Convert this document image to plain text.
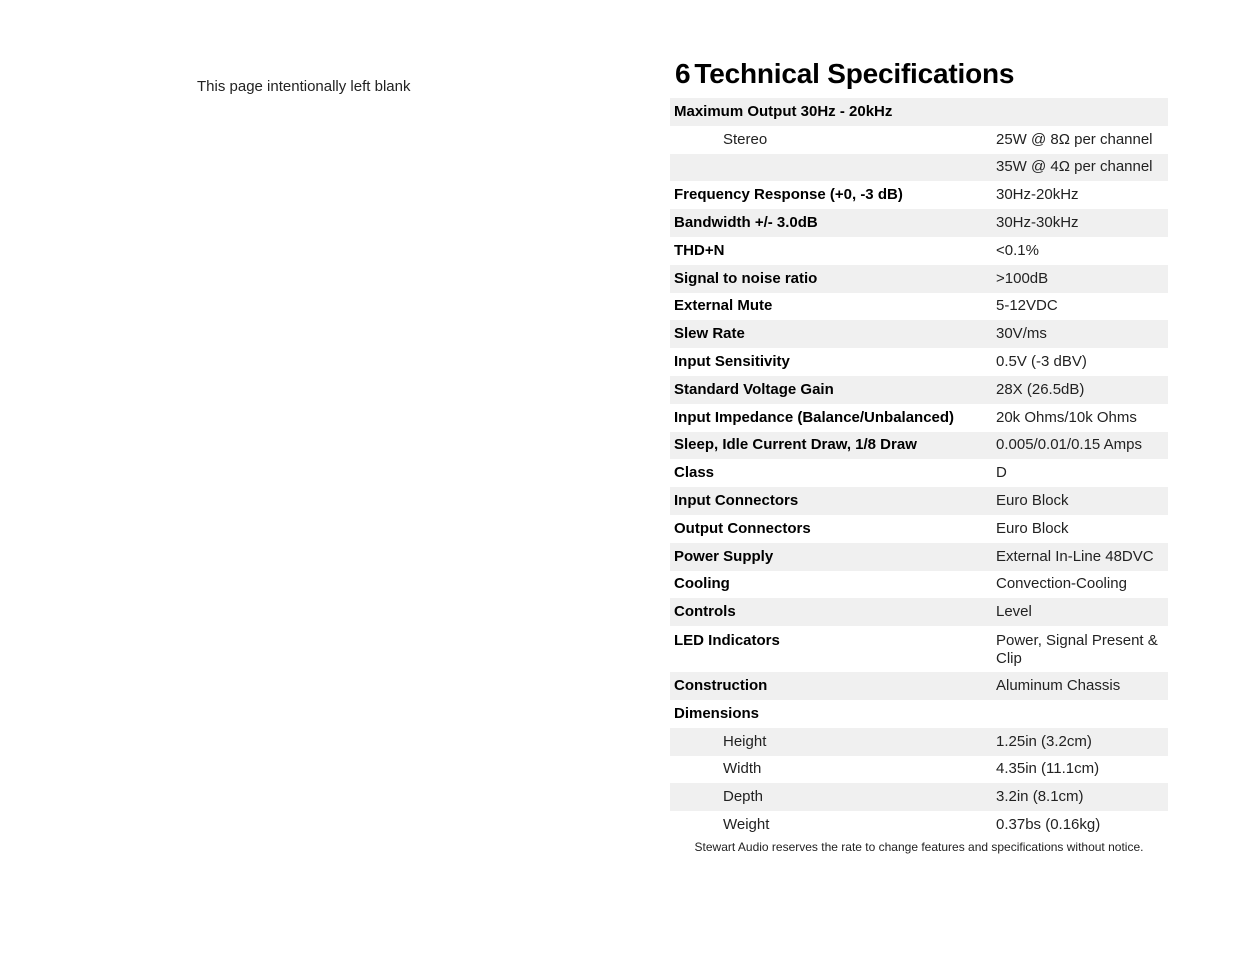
This page intentionally left blank	6 Technical Specifications
Maximum Output 30Hz - 20kHz	
Stereo	25W @ 8Ω per channel
	35W @ 4Ω per channel
Frequency Response (+0, -3 dB)	30Hz-20kHz
Bandwidth +/- 3.0dB	30Hz-30kHz
THD+N	<0.1%
Signal to noise ratio	>100dB
External Mute	5-12VDC
Slew Rate	30V/ms
Input Sensitivity	0.5V (-3 dBV)
Standard Voltage Gain	28X (26.5dB)
Input Impedance (Balance/Unbalanced)	20k Ohms/10k Ohms
Sleep, Idle Current Draw, 1/8 Draw	0.005/0.01/0.15 Amps
Class	D
Input Connectors	Euro Block
Output Connectors	Euro Block
Power Supply	External In-Line 48DVC
Cooling	Convection-Cooling
Controls	Level
LED Indicators	Power, Signal Present & Clip
Construction	Aluminum Chassis
Dimensions	
Height	1.25in (3.2cm)
Width	4.35in (11.1cm)
Depth	3.2in (8.1cm)
Weight	0.37bs (0.16kg)
Stewart Audio reserves the rate to change features and specifications without notice.
